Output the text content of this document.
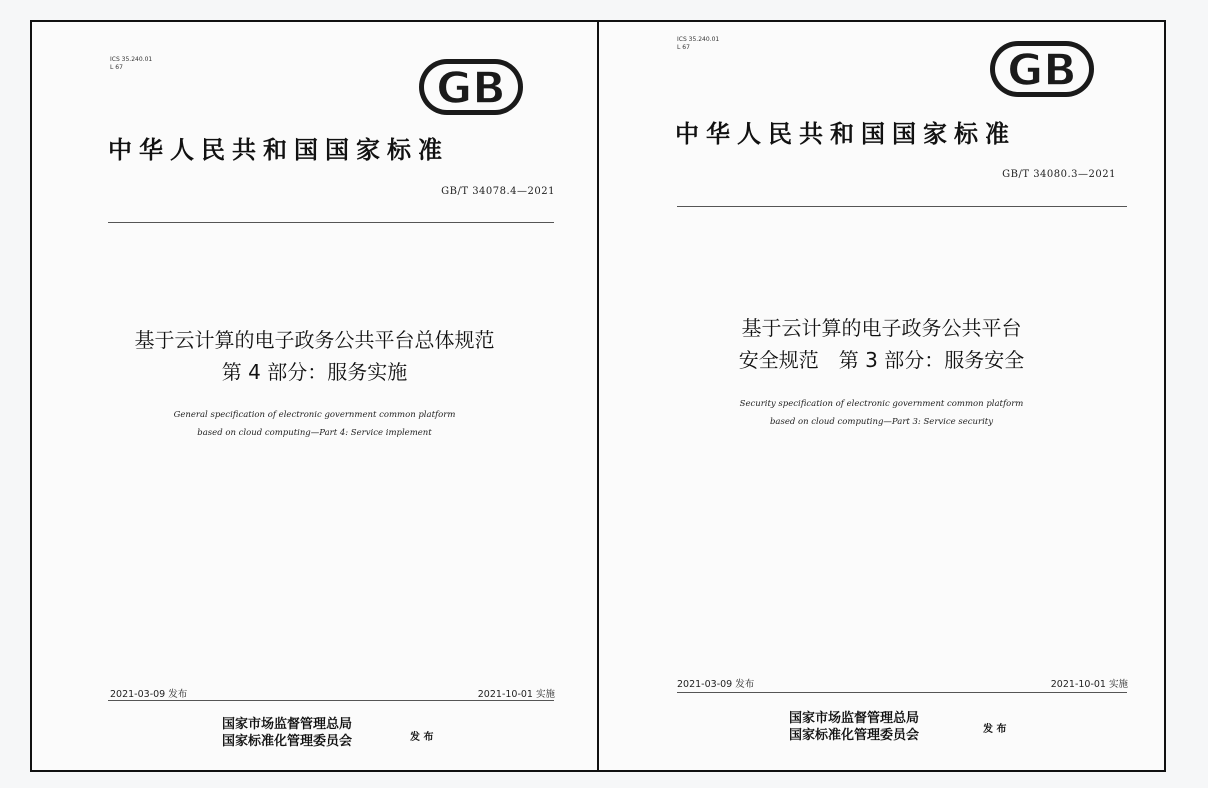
ICS 35.240.01
L 67	GB
中华人民共和国国家标准
GB/T 34078.4—2021
基于云计算的电子政务公共平台总体规范
第 4 部分：服务实施
General specification of electronic government common platform
based on cloud computing—Part 4: Service implement
2021-03-09 发布	2021-10-01 实施
国家市场监督管理总局
国家标准化管理委员会	发 布
ICS 35.240.01
L 67	GB
中华人民共和国国家标准
GB/T 34080.3—2021
基于云计算的电子政务公共平台
安全规范　第 3 部分：服务安全
Security specification of electronic government common platform
based on cloud computing—Part 3: Service security
2021-03-09 发布	2021-10-01 实施
国家市场监督管理总局
国家标准化管理委员会	发 布
